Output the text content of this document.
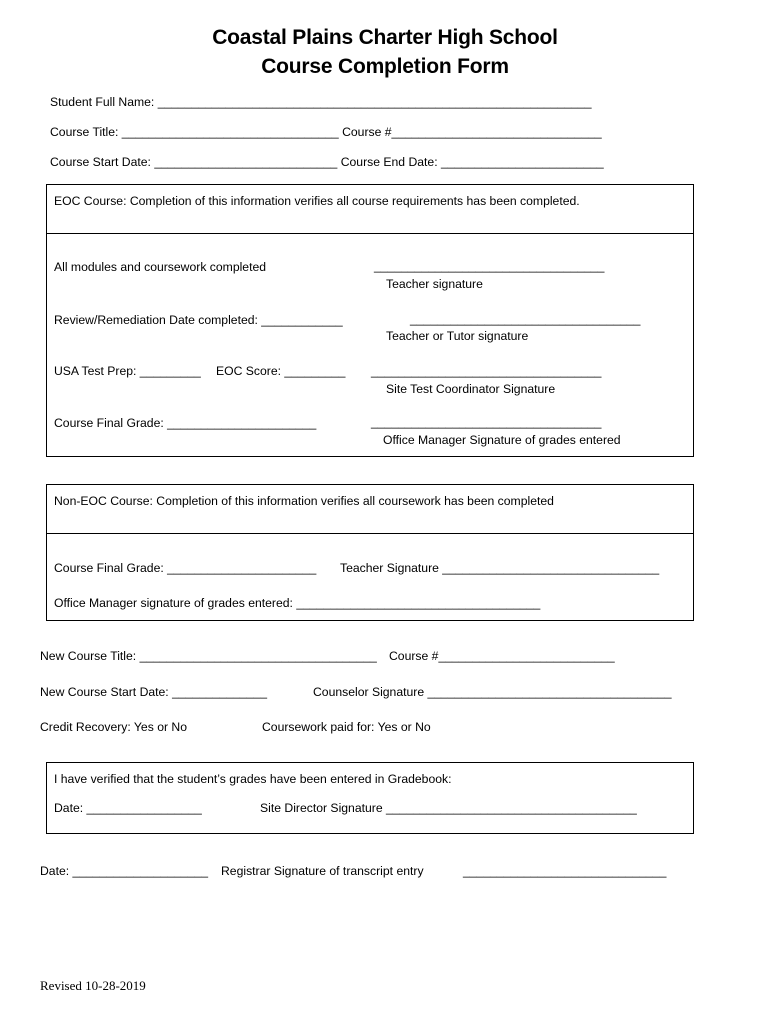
Coastal Plains Charter High School
Course Completion Form
Student Full Name: ________________________________________________________________
Course Title: ________________________________ Course #_______________________________
Course Start Date: ___________________________ Course End Date: ________________________
EOC Course: Completion of this information verifies all course requirements has been completed.
All modules and coursework completed	__________________________________
Teacher signature
Review/Remediation Date completed: ____________	__________________________________
Teacher or Tutor signature
USA Test Prep: _________ EOC Score: _________ __________________________________
Site Test Coordinator Signature
Course Final Grade: ______________________	__________________________________
Office Manager Signature of grades entered
Non-EOC Course: Completion of this information verifies all coursework has been completed
Course Final Grade: ______________________ Teacher Signature ________________________________
Office Manager signature of grades entered: ____________________________________
New Course Title: ___________________________________ Course #__________________________
New Course Start Date: ______________	Counselor Signature ____________________________________
Credit Recovery: Yes or No	Coursework paid for: Yes or No
I have verified that the student’s grades have been entered in Gradebook:
Date: _________________	Site Director Signature _____________________________________
Date: ____________________ Registrar Signature of transcript entry	______________________________
Revised 10-28-2019
